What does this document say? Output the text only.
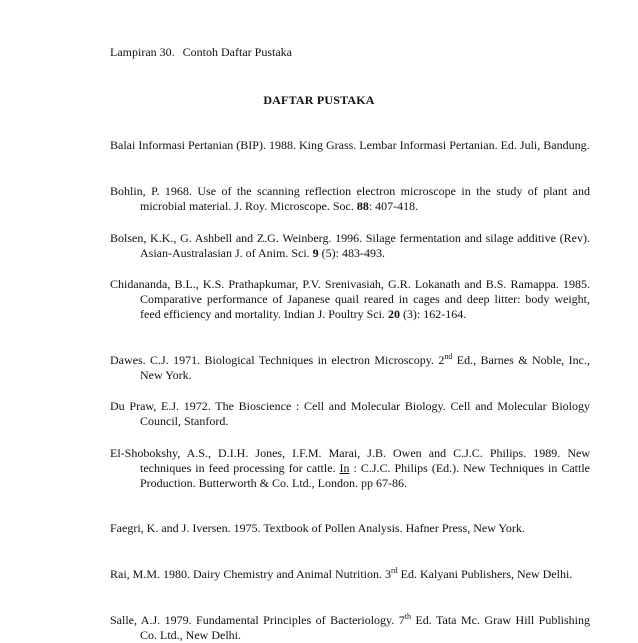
Lampiran 30. Contoh Daftar Pustaka
DAFTAR PUSTAKA
Balai Informasi Pertanian (BIP). 1988. King Grass. Lembar Informasi Pertanian. Ed. Juli, Bandung.
Bohlin, P. 1968. Use of the scanning reflection electron microscope in the study of plant and microbial material. J. Roy. Microscope. Soc. 88: 407-418.
Bolsen, K.K., G. Ashbell and Z.G. Weinberg. 1996. Silage fermentation and silage additive (Rev). Asian-Australasian J. of Anim. Sci. 9 (5): 483-493.
Chidananda, B.L., K.S. Prathapkumar, P.V. Srenivasiah, G.R. Lokanath and B.S. Ramappa. 1985. Comparative performance of Japanese quail reared in cages and deep litter: body weight, feed efficiency and mortality. Indian J. Poultry Sci. 20 (3): 162-164.
Dawes. C.J. 1971. Biological Techniques in electron Microscopy. 2nd Ed., Barnes & Noble, Inc., New York.
Du Praw, E.J. 1972. The Bioscience : Cell and Molecular Biology. Cell and Molecular Biology Council, Stanford.
El-Shobokshy, A.S., D.I.H. Jones, I.F.M. Marai, J.B. Owen and C.J.C. Philips. 1989. New techniques in feed processing for cattle. In : C.J.C. Philips (Ed.). New Techniques in Cattle Production. Butterworth & Co. Ltd., London. pp 67-86.
Faegri, K. and J. Iversen. 1975. Textbook of Pollen Analysis. Hafner Press, New York.
Rai, M.M. 1980. Dairy Chemistry and Animal Nutrition. 3rd Ed. Kalyani Publishers, New Delhi.
Salle, A.J. 1979. Fundamental Principles of Bacteriology. 7th Ed. Tata Mc. Graw Hill Publishing Co. Ltd., New Delhi.
